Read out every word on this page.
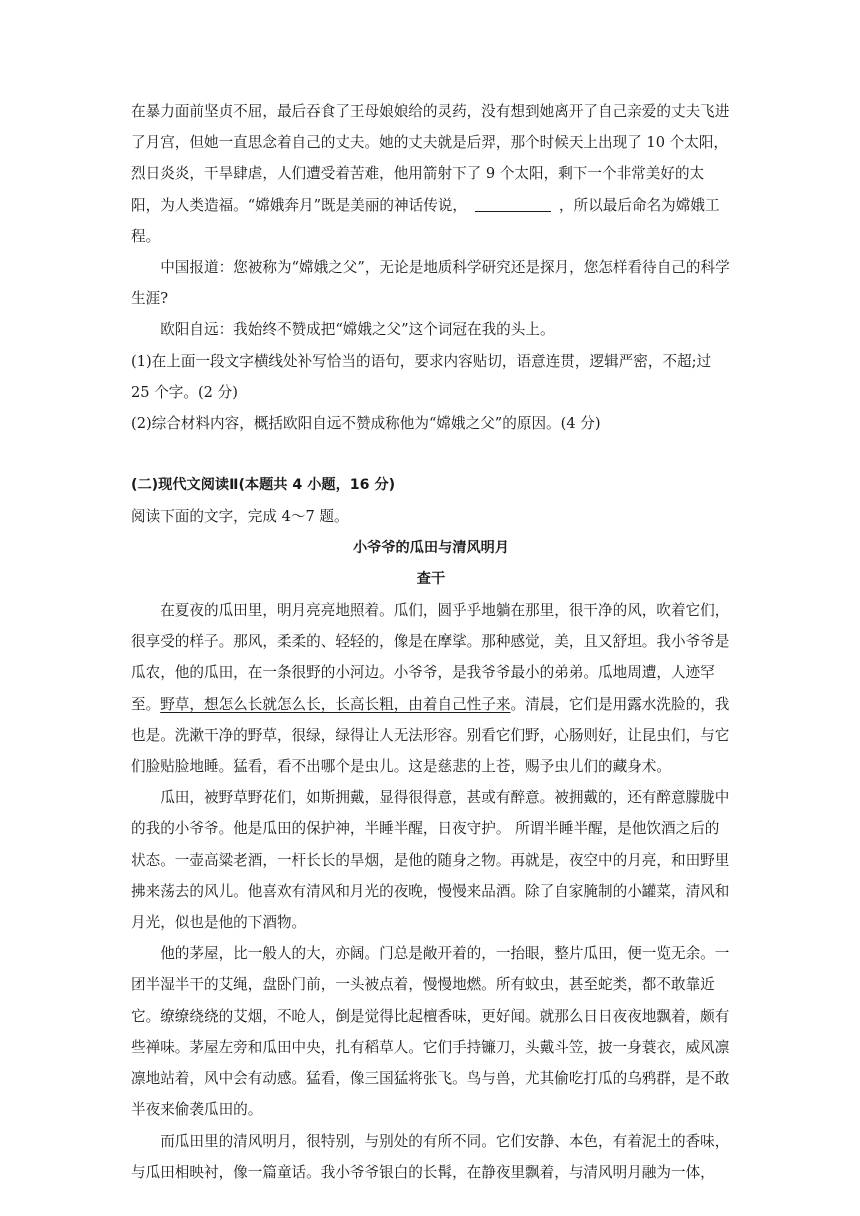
在暴力面前坚贞不屈，最后吞食了王母娘娘给的灵药，没有想到她离开了自己亲爱的丈夫飞进了月宫，但她一直思念着自己的丈夫。她的丈夫就是后羿，那个时候天上出现了 10 个太阳，烈日炎炎，干旱肆虐，人们遭受着苦难，他用箭射下了 9 个太阳，剩下一个非常美好的太阳，为人类造福。“嫦娥奔月”既是美丽的神话传说，	，所以最后命名为嫦娥工程。

中国报道：您被称为“嫦娥之父”，无论是地质科学研究还是探月，您怎样看待自己的科学生涯?

欧阳自远：我始终不赞成把“嫦娥之父”这个词冠在我的头上。

(1)在上面一段文字横线处补写恰当的语句，要求内容贴切，语意连贯，逻辑严密，不超;过 25 个字。(2 分)

(2)综合材料内容，概括欧阳自远不赞成称他为“嫦娥之父”的原因。(4 分)

(二)现代文阅读Ⅱ(本题共 4 小题，16 分)

阅读下面的文字，完成 4～7 题。

小爷爷的瓜田与清风明月

查干

在夏夜的瓜田里，明月亮亮地照着。瓜们，圆乎乎地躺在那里，很干净的风，吹着它们，很享受的样子。那风，柔柔的、轻轻的，像是在摩挲。那种感觉，美，且又舒坦。我小爷爷是瓜农，他的瓜田，在一条很野的小河边。小爷爷，是我爷爷最小的弟弟。瓜地周遭，人迹罕至。野草，想怎么长就怎么长，长高长粗，由着自己性子来。清晨，它们是用露水洗脸的，我也是。洗漱干净的野草，很绿，绿得让人无法形容。别看它们野，心肠则好，让昆虫们，与它们脸贴脸地睡。猛看，看不出哪个是虫儿。这是慈悲的上苍，赐予虫儿们的藏身术。

瓜田，被野草野花们，如斯拥戴，显得很得意，甚或有醉意。被拥戴的，还有醉意朦胧中的我的小爷爷。他是瓜田的保护神，半睡半醒，日夜守护。 所谓半睡半醒，是他饮酒之后的状态。一壶高粱老酒，一杆长长的旱烟，是他的随身之物。再就是，夜空中的月亮，和田野里拂来荡去的风儿。他喜欢有清风和月光的夜晚，慢慢来品酒。除了自家腌制的小罐菜，清风和月光，似也是他的下酒物。

他的茅屋，比一般人的大，亦阔。门总是敞开着的，一抬眼，整片瓜田，便一览无余。一团半湿半干的艾绳，盘卧门前，一头被点着，慢慢地燃。所有蚊虫，甚至蛇类，都不敢靠近它。缭缭绕绕的艾烟，不呛人，倒是觉得比起檀香味，更好闻。就那么日日夜夜地飘着，颇有些禅味。茅屋左旁和瓜田中央，扎有稻草人。它们手持镰刀，头戴斗笠，披一身蓑衣，威风凛凛地站着，风中会有动感。猛看，像三国猛将张飞。鸟与兽，尤其偷吃打瓜的乌鸦群，是不敢半夜来偷袭瓜田的。

而瓜田里的清风明月，很特别，与别处的有所不同。它们安静、本色，有着泥土的香味，与瓜田相映衬，像一篇童话。我小爷爷银白的长髯，在静夜里飘着，与清风明月融为一体，
